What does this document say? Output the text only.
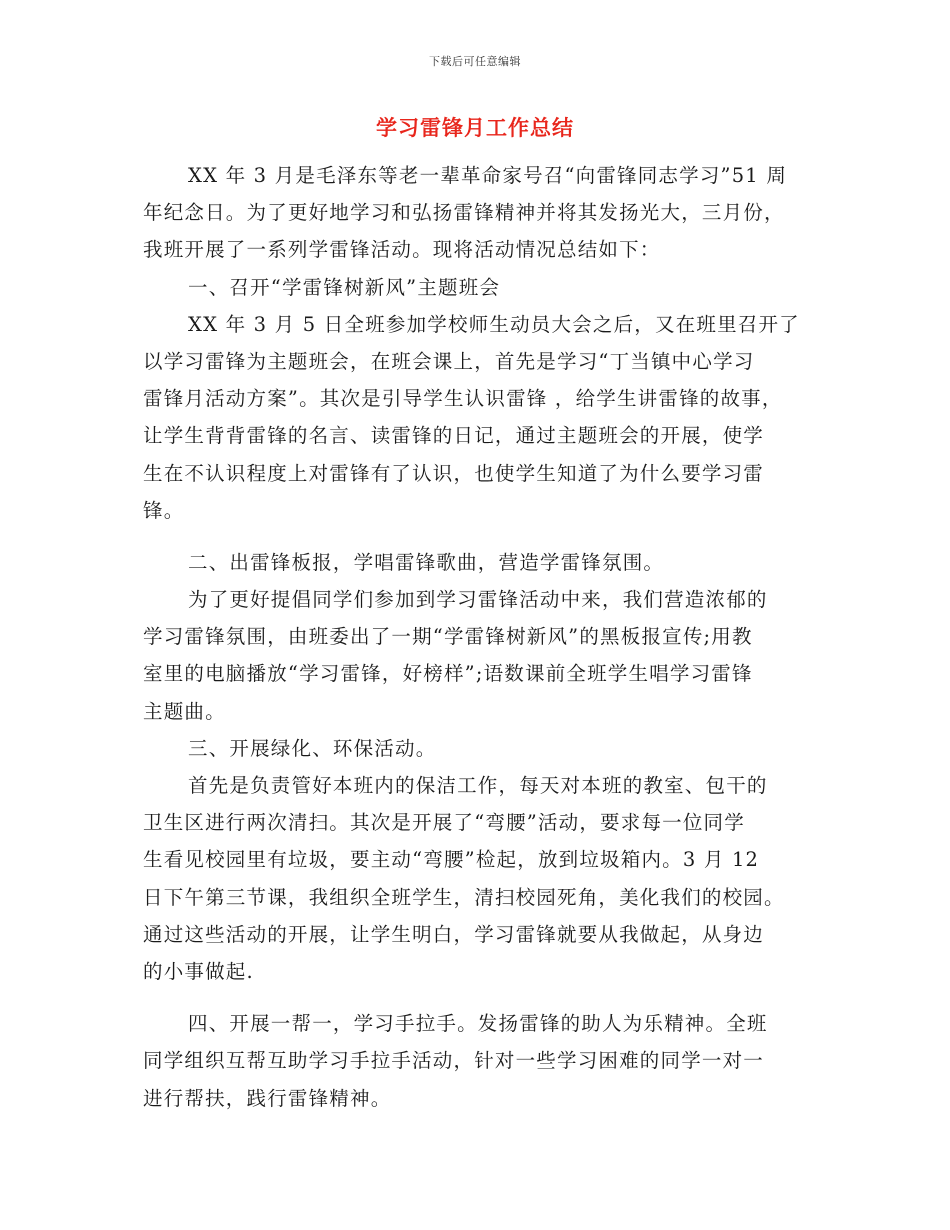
下载后可任意编辑
学习雷锋月工作总结
XX 年 3 月是毛泽东等老一辈革命家号召“向雷锋同志学习”51 周
年纪念日。为了更好地学习和弘扬雷锋精神并将其发扬光大，三月份，
我班开展了一系列学雷锋活动。现将活动情况总结如下：
一、召开“学雷锋树新风”主题班会
XX 年 3 月 5 日全班参加学校师生动员大会之后，又在班里召开了
以学习雷锋为主题班会，在班会课上，首先是学习“丁当镇中心学习
雷锋月活动方案”。其次是引导学生认识雷锋 ，给学生讲雷锋的故事，
让学生背背雷锋的名言、读雷锋的日记，通过主题班会的开展，使学
生在不认识程度上对雷锋有了认识，也使学生知道了为什么要学习雷
锋。
二、出雷锋板报，学唱雷锋歌曲，营造学雷锋氛围。
为了更好提倡同学们参加到学习雷锋活动中来，我们营造浓郁的
学习雷锋氛围，由班委出了一期“学雷锋树新风”的黑板报宣传;用教
室里的电脑播放“学习雷锋，好榜样”;语数课前全班学生唱学习雷锋
主题曲。
三、开展绿化、环保活动。
首先是负责管好本班内的保洁工作，每天对本班的教室、包干的
卫生区进行两次清扫。其次是开展了“弯腰”活动，要求每一位同学
生看见校园里有垃圾，要主动“弯腰”检起，放到垃圾箱内。3 月 12
日下午第三节课，我组织全班学生，清扫校园死角，美化我们的校园。
通过这些活动的开展，让学生明白，学习雷锋就要从我做起，从身边
的小事做起.
四、开展一帮一，学习手拉手。发扬雷锋的助人为乐精神。全班
同学组织互帮互助学习手拉手活动，针对一些学习困难的同学一对一
进行帮扶，践行雷锋精神。
